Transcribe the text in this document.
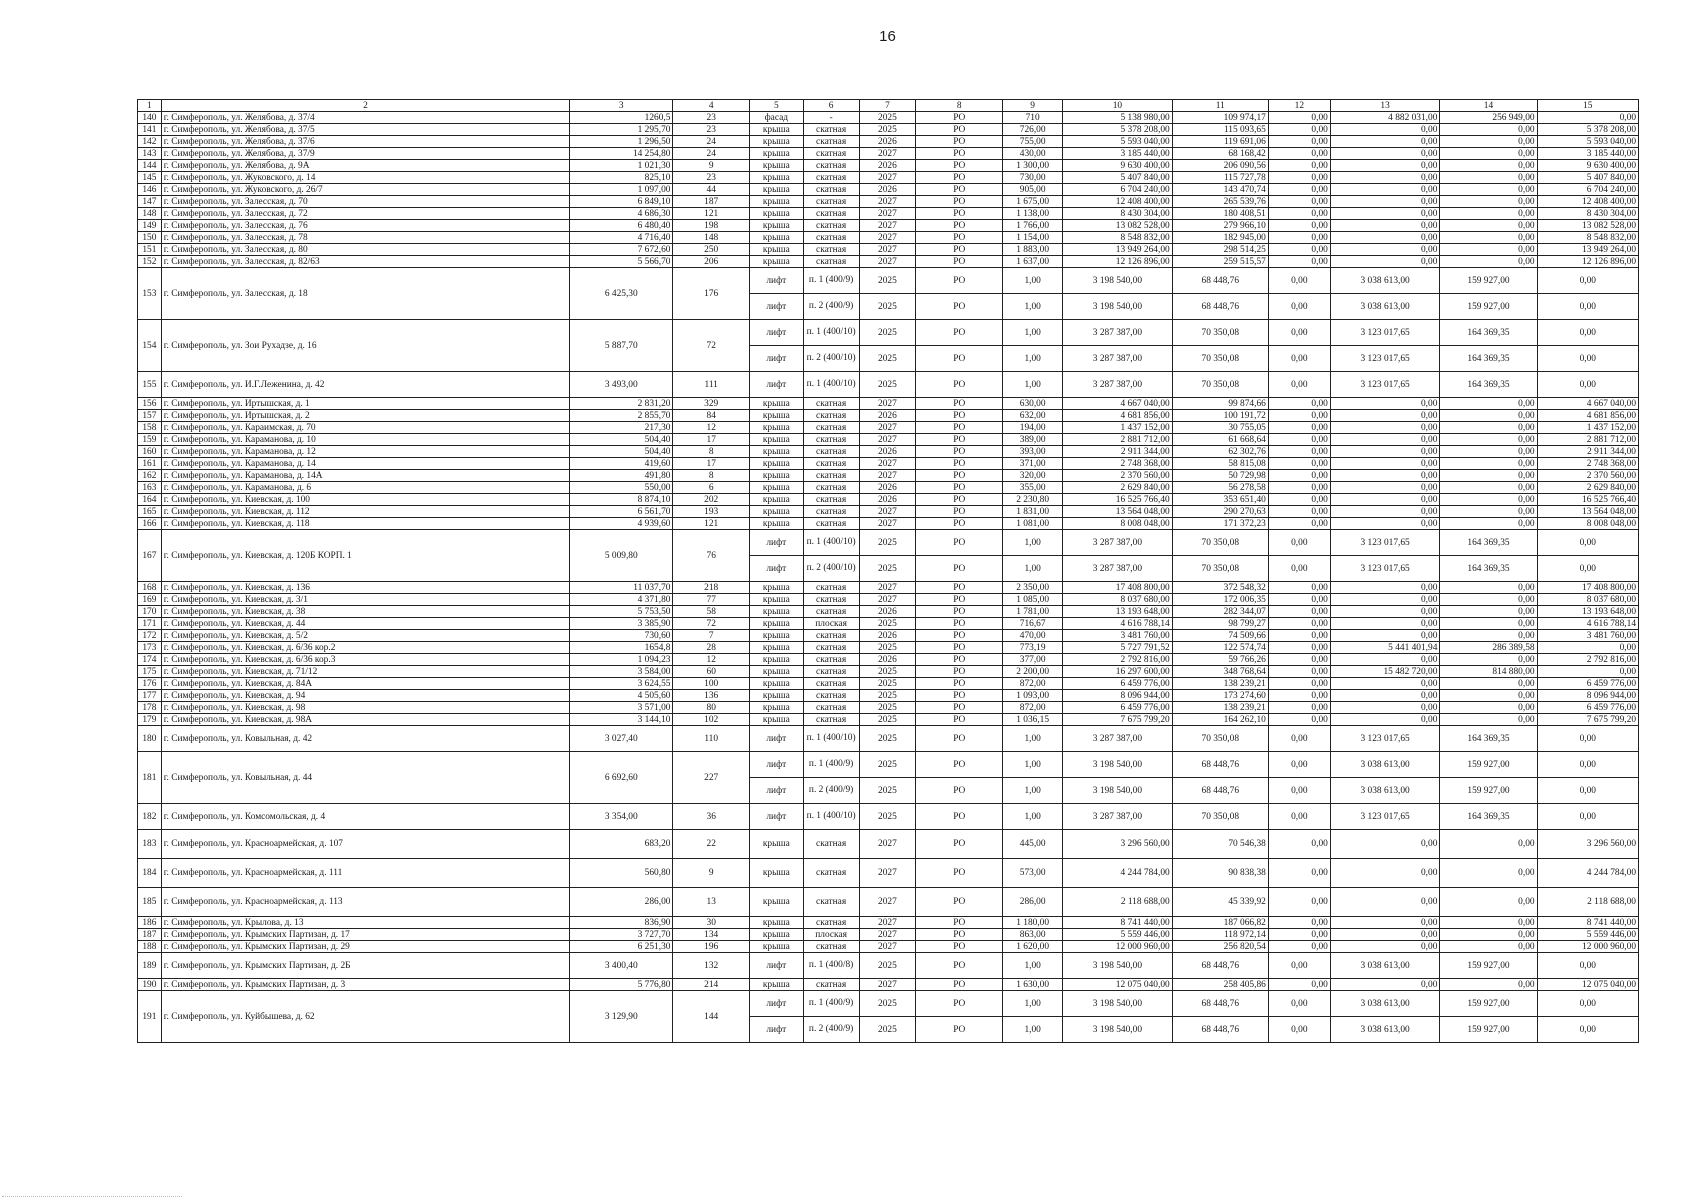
16
1	2	3	4	5	6	7	8	9	10	11	12	13	14	15
140	г. Симферополь, ул. Желябова, д. 37/4	1260,5	23	фасад	-	2025	РО	710	5 138 980,00	109 974,17	0,00	4 882 031,00	256 949,00	0,00
141	г. Симферополь, ул. Желябова, д. 37/5	1 295,70	23	крыша	скатная	2025	РО	726,00	5 378 208,00	115 093,65	0,00	0,00	0,00	5 378 208,00
142	г. Симферополь, ул. Желябова, д. 37/6	1 296,50	24	крыша	скатная	2026	РО	755,00	5 593 040,00	119 691,06	0,00	0,00	0,00	5 593 040,00
143	г. Симферополь, ул. Желябова, д. 37/9	14 254,80	24	крыша	скатная	2027	РО	430,00	3 185 440,00	68 168,42	0,00	0,00	0,00	3 185 440,00
144	г. Симферополь, ул. Желябова, д. 9А	1 021,30	9	крыша	скатная	2026	РО	1 300,00	9 630 400,00	206 090,56	0,00	0,00	0,00	9 630 400,00
145	г. Симферополь, ул. Жуковского, д. 14	825,10	23	крыша	скатная	2027	РО	730,00	5 407 840,00	115 727,78	0,00	0,00	0,00	5 407 840,00
146	г. Симферополь, ул. Жуковского, д. 26/7	1 097,00	44	крыша	скатная	2026	РО	905,00	6 704 240,00	143 470,74	0,00	0,00	0,00	6 704 240,00
147	г. Симферополь, ул. Залесская, д. 70	6 849,10	187	крыша	скатная	2027	РО	1 675,00	12 408 400,00	265 539,76	0,00	0,00	0,00	12 408 400,00
148	г. Симферополь, ул. Залесская, д. 72	4 686,30	121	крыша	скатная	2027	РО	1 138,00	8 430 304,00	180 408,51	0,00	0,00	0,00	8 430 304,00
149	г. Симферополь, ул. Залесская, д. 76	6 480,40	198	крыша	скатная	2027	РО	1 766,00	13 082 528,00	279 966,10	0,00	0,00	0,00	13 082 528,00
150	г. Симферополь, ул. Залесская, д. 78	4 716,40	148	крыша	скатная	2027	РО	1 154,00	8 548 832,00	182 945,00	0,00	0,00	0,00	8 548 832,00
151	г. Симферополь, ул. Залесская, д. 80	7 672,60	250	крыша	скатная	2027	РО	1 883,00	13 949 264,00	298 514,25	0,00	0,00	0,00	13 949 264,00
152	г. Симферополь, ул. Залесская, д. 82/63	5 566,70	206	крыша	скатная	2027	РО	1 637,00	12 126 896,00	259 515,57	0,00	0,00	0,00	12 126 896,00
153	г. Симферополь, ул. Залесская, д. 18	6 425,30	176	лифт	п. 1 (400/9)	2025	РО	1,00	3 198 540,00	68 448,76	0,00	3 038 613,00	159 927,00	0,00
				лифт	п. 2 (400/9)	2025	РО	1,00	3 198 540,00	68 448,76	0,00	3 038 613,00	159 927,00	0,00
154	г. Симферополь, ул. Зои Рухадзе, д. 16	5 887,70	72	лифт	п. 1 (400/10)	2025	РО	1,00	3 287 387,00	70 350,08	0,00	3 123 017,65	164 369,35	0,00
				лифт	п. 2 (400/10)	2025	РО	1,00	3 287 387,00	70 350,08	0,00	3 123 017,65	164 369,35	0,00
155	г. Симферополь, ул. И.Г.Леженина, д. 42	3 493,00	111	лифт	п. 1 (400/10)	2025	РО	1,00	3 287 387,00	70 350,08	0,00	3 123 017,65	164 369,35	0,00
156	г. Симферополь, ул. Иртышская, д. 1	2 831,20	329	крыша	скатная	2027	РО	630,00	4 667 040,00	99 874,66	0,00	0,00	0,00	4 667 040,00
157	г. Симферополь, ул. Иртышская, д. 2	2 855,70	84	крыша	скатная	2026	РО	632,00	4 681 856,00	100 191,72	0,00	0,00	0,00	4 681 856,00
158	г. Симферополь, ул. Караимская, д. 70	217,30	12	крыша	скатная	2027	РО	194,00	1 437 152,00	30 755,05	0,00	0,00	0,00	1 437 152,00
159	г. Симферополь, ул. Караманова, д. 10	504,40	17	крыша	скатная	2027	РО	389,00	2 881 712,00	61 668,64	0,00	0,00	0,00	2 881 712,00
160	г. Симферополь, ул. Караманова, д. 12	504,40	8	крыша	скатная	2026	РО	393,00	2 911 344,00	62 302,76	0,00	0,00	0,00	2 911 344,00
161	г. Симферополь, ул. Караманова, д. 14	419,60	17	крыша	скатная	2027	РО	371,00	2 748 368,00	58 815,08	0,00	0,00	0,00	2 748 368,00
162	г. Симферополь, ул. Караманова, д. 14А	491,80	8	крыша	скатная	2027	РО	320,00	2 370 560,00	50 729,98	0,00	0,00	0,00	2 370 560,00
163	г. Симферополь, ул. Караманова, д. 6	550,00	6	крыша	скатная	2026	РО	355,00	2 629 840,00	56 278,58	0,00	0,00	0,00	2 629 840,00
164	г. Симферополь, ул. Киевская, д. 100	8 874,10	202	крыша	скатная	2026	РО	2 230,80	16 525 766,40	353 651,40	0,00	0,00	0,00	16 525 766,40
165	г. Симферополь, ул. Киевская, д. 112	6 561,70	193	крыша	скатная	2027	РО	1 831,00	13 564 048,00	290 270,63	0,00	0,00	0,00	13 564 048,00
166	г. Симферополь, ул. Киевская, д. 118	4 939,60	121	крыша	скатная	2027	РО	1 081,00	8 008 048,00	171 372,23	0,00	0,00	0,00	8 008 048,00
167	г. Симферополь, ул. Киевская, д. 120Б КОРП. 1	5 009,80	76	лифт	п. 1 (400/10)	2025	РО	1,00	3 287 387,00	70 350,08	0,00	3 123 017,65	164 369,35	0,00
				лифт	п. 2 (400/10)	2025	РО	1,00	3 287 387,00	70 350,08	0,00	3 123 017,65	164 369,35	0,00
168	г. Симферополь, ул. Киевская, д. 136	11 037,70	218	крыша	скатная	2027	РО	2 350,00	17 408 800,00	372 548,32	0,00	0,00	0,00	17 408 800,00
169	г. Симферополь, ул. Киевская, д. 3/1	4 371,80	77	крыша	скатная	2027	РО	1 085,00	8 037 680,00	172 006,35	0,00	0,00	0,00	8 037 680,00
170	г. Симферополь, ул. Киевская, д. 38	5 753,50	58	крыша	скатная	2026	РО	1 781,00	13 193 648,00	282 344,07	0,00	0,00	0,00	13 193 648,00
171	г. Симферополь, ул. Киевская, д. 44	3 385,90	72	крыша	плоская	2025	РО	716,67	4 616 788,14	98 799,27	0,00	0,00	0,00	4 616 788,14
172	г. Симферополь, ул. Киевская, д. 5/2	730,60	7	крыша	скатная	2026	РО	470,00	3 481 760,00	74 509,66	0,00	0,00	0,00	3 481 760,00
173	г. Симферополь, ул. Киевская, д. 6/36 кор.2	1654,8	28	крыша	скатная	2025	РО	773,19	5 727 791,52	122 574,74	0,00	5 441 401,94	286 389,58	0,00
174	г. Симферополь, ул. Киевская, д. 6/36 кор.3	1 094,23	12	крыша	скатная	2026	РО	377,00	2 792 816,00	59 766,26	0,00	0,00	0,00	2 792 816,00
175	г. Симферополь, ул. Киевская, д. 71/12	3 584,00	60	крыша	скатная	2025	РО	2 200,00	16 297 600,00	348 768,64	0,00	15 482 720,00	814 880,00	0,00
176	г. Симферополь, ул. Киевская, д. 84А	3 624,55	100	крыша	скатная	2025	РО	872,00	6 459 776,00	138 239,21	0,00	0,00	0,00	6 459 776,00
177	г. Симферополь, ул. Киевская, д. 94	4 505,60	136	крыша	скатная	2025	РО	1 093,00	8 096 944,00	173 274,60	0,00	0,00	0,00	8 096 944,00
178	г. Симферополь, ул. Киевская, д. 98	3 571,00	80	крыша	скатная	2025	РО	872,00	6 459 776,00	138 239,21	0,00	0,00	0,00	6 459 776,00
179	г. Симферополь, ул. Киевская, д. 98А	3 144,10	102	крыша	скатная	2025	РО	1 036,15	7 675 799,20	164 262,10	0,00	0,00	0,00	7 675 799,20
180	г. Симферополь, ул. Ковыльная, д. 42	3 027,40	110	лифт	п. 1 (400/10)	2025	РО	1,00	3 287 387,00	70 350,08	0,00	3 123 017,65	164 369,35	0,00
181	г. Симферополь, ул. Ковыльная, д. 44	6 692,60	227	лифт	п. 1 (400/9)	2025	РО	1,00	3 198 540,00	68 448,76	0,00	3 038 613,00	159 927,00	0,00
				лифт	п. 2 (400/9)	2025	РО	1,00	3 198 540,00	68 448,76	0,00	3 038 613,00	159 927,00	0,00
182	г. Симферополь, ул. Комсомольская, д. 4	3 354,00	36	лифт	п. 1 (400/10)	2025	РО	1,00	3 287 387,00	70 350,08	0,00	3 123 017,65	164 369,35	0,00
183	г. Симферополь, ул. Красноармейская, д. 107	683,20	22	крыша	скатная	2027	РО	445,00	3 296 560,00	70 546,38	0,00	0,00	0,00	3 296 560,00
184	г. Симферополь, ул. Красноармейская, д. 111	560,80	9	крыша	скатная	2027	РО	573,00	4 244 784,00	90 838,38	0,00	0,00	0,00	4 244 784,00
185	г. Симферополь, ул. Красноармейская, д. 113	286,00	13	крыша	скатная	2027	РО	286,00	2 118 688,00	45 339,92	0,00	0,00	0,00	2 118 688,00
186	г. Симферополь, ул. Крылова, д. 13	836,90	30	крыша	скатная	2027	РО	1 180,00	8 741 440,00	187 066,82	0,00	0,00	0,00	8 741 440,00
187	г. Симферополь, ул. Крымских Партизан, д. 17	3 727,70	134	крыша	плоская	2027	РО	863,00	5 559 446,00	118 972,14	0,00	0,00	0,00	5 559 446,00
188	г. Симферополь, ул. Крымских Партизан, д. 29	6 251,30	196	крыша	скатная	2027	РО	1 620,00	12 000 960,00	256 820,54	0,00	0,00	0,00	12 000 960,00
189	г. Симферополь, ул. Крымских Партизан, д. 2Б	3 400,40	132	лифт	п. 1 (400/8)	2025	РО	1,00	3 198 540,00	68 448,76	0,00	3 038 613,00	159 927,00	0,00
190	г. Симферополь, ул. Крымских Партизан, д. 3	5 776,80	214	крыша	скатная	2027	РО	1 630,00	12 075 040,00	258 405,86	0,00	0,00	0,00	12 075 040,00
191	г. Симферополь, ул. Куйбышева, д. 62	3 129,90	144	лифт	п. 1 (400/9)	2025	РО	1,00	3 198 540,00	68 448,76	0,00	3 038 613,00	159 927,00	0,00
				лифт	п. 2 (400/9)	2025	РО	1,00	3 198 540,00	68 448,76	0,00	3 038 613,00	159 927,00	0,00
